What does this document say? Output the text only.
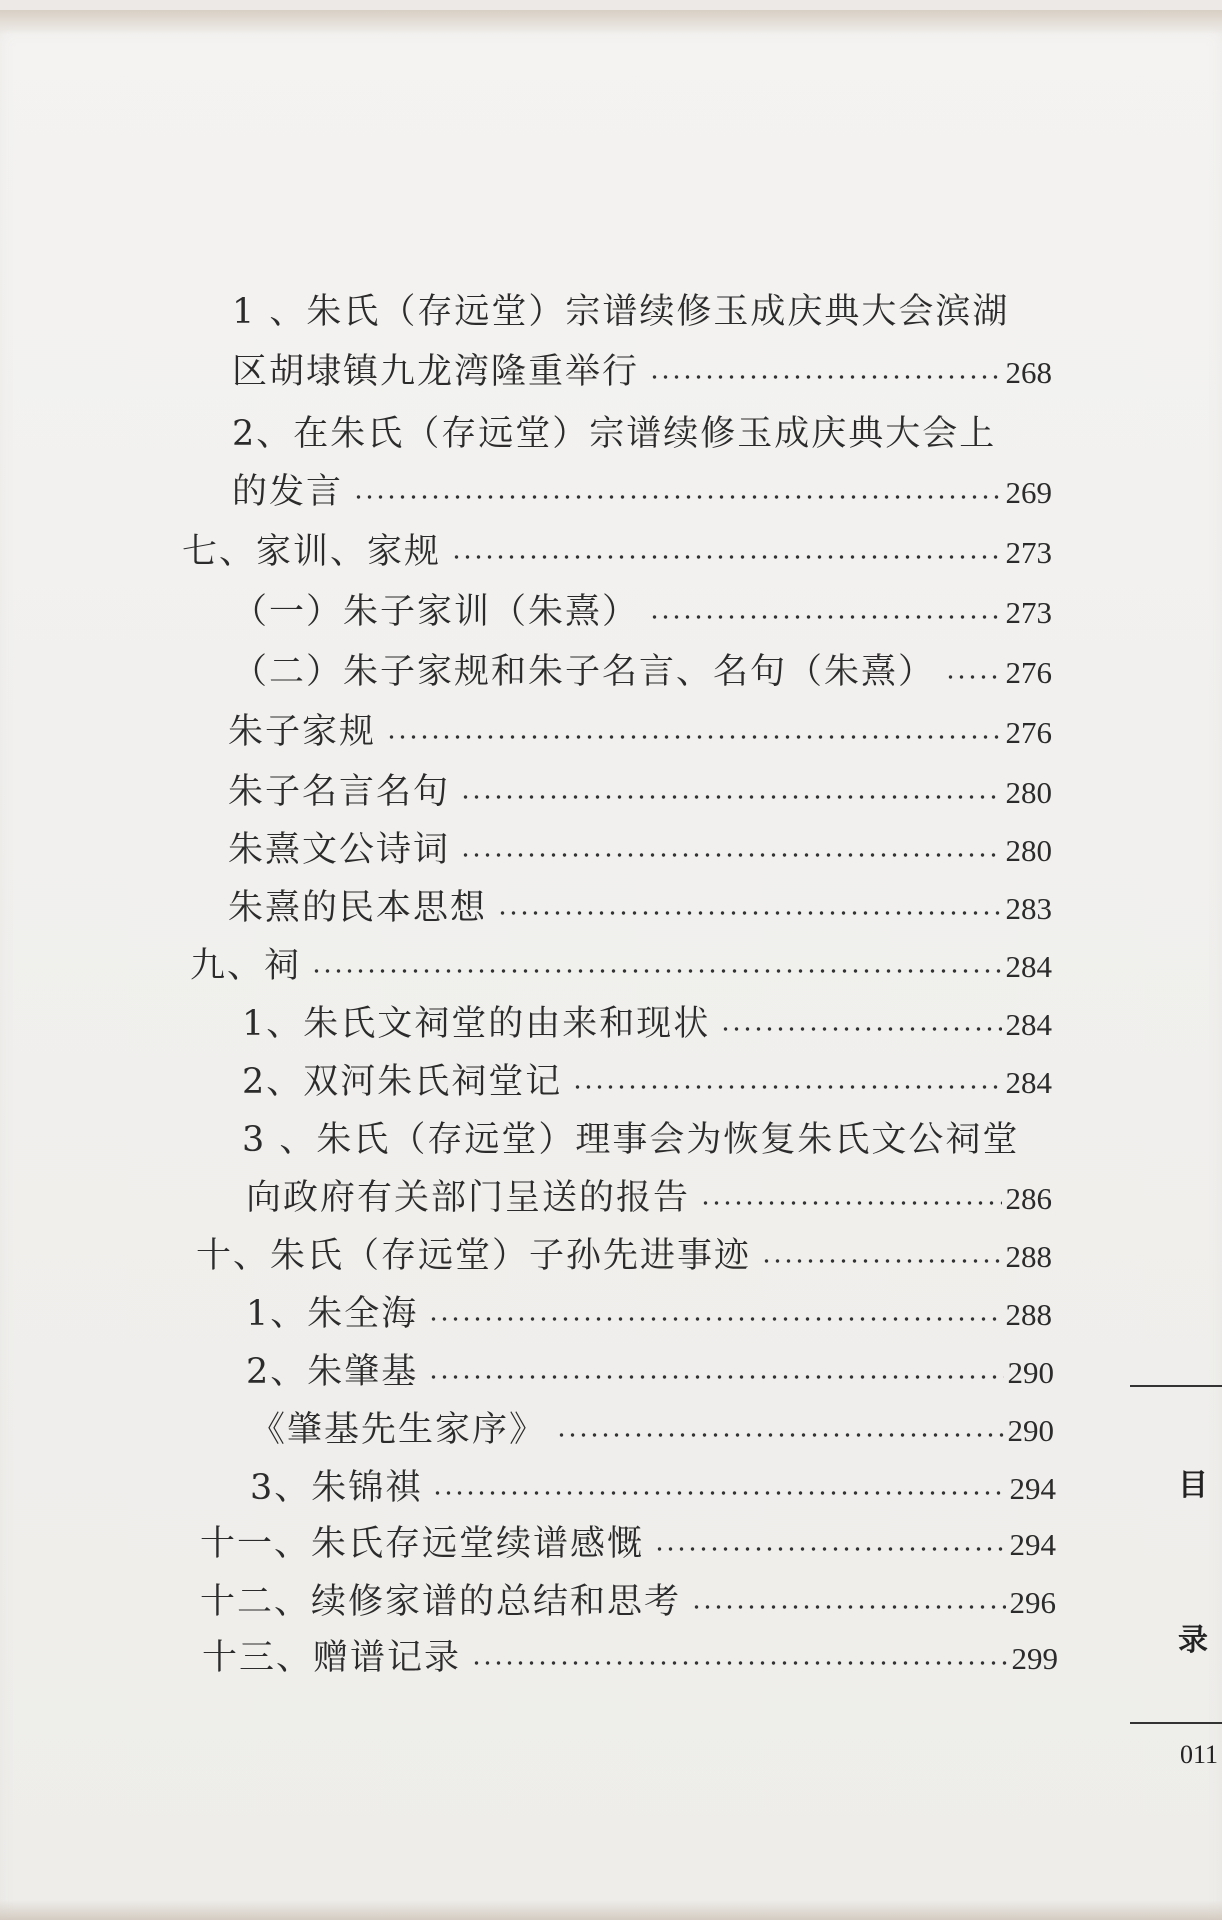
1 、朱氏（存远堂）宗谱续修玉成庆典大会滨湖
区胡埭镇九龙湾隆重举行	268
2、在朱氏（存远堂）宗谱续修玉成庆典大会上
的发言	269
七、家训、家规	273
（一）朱子家训（朱熹）	273
（二）朱子家规和朱子名言、名句（朱熹） 276
朱子家规	276
朱子名言名句	280
朱熹文公诗词	280
朱熹的民本思想	283
九、祠	284
1、朱氏文祠堂的由来和现状	284
2、双河朱氏祠堂记	284
3 、朱氏（存远堂）理事会为恢复朱氏文公祠堂
向政府有关部门呈送的报告	286
十、朱氏（存远堂）子孙先进事迹	288
1、朱全海	288
2、朱肇基	290
《肇基先生家序》	290
3、朱锦祺	294
十一、朱氏存远堂续谱感慨	294
十二、续修家谱的总结和思考	296
十三、赠谱记录	299
目
录
011
